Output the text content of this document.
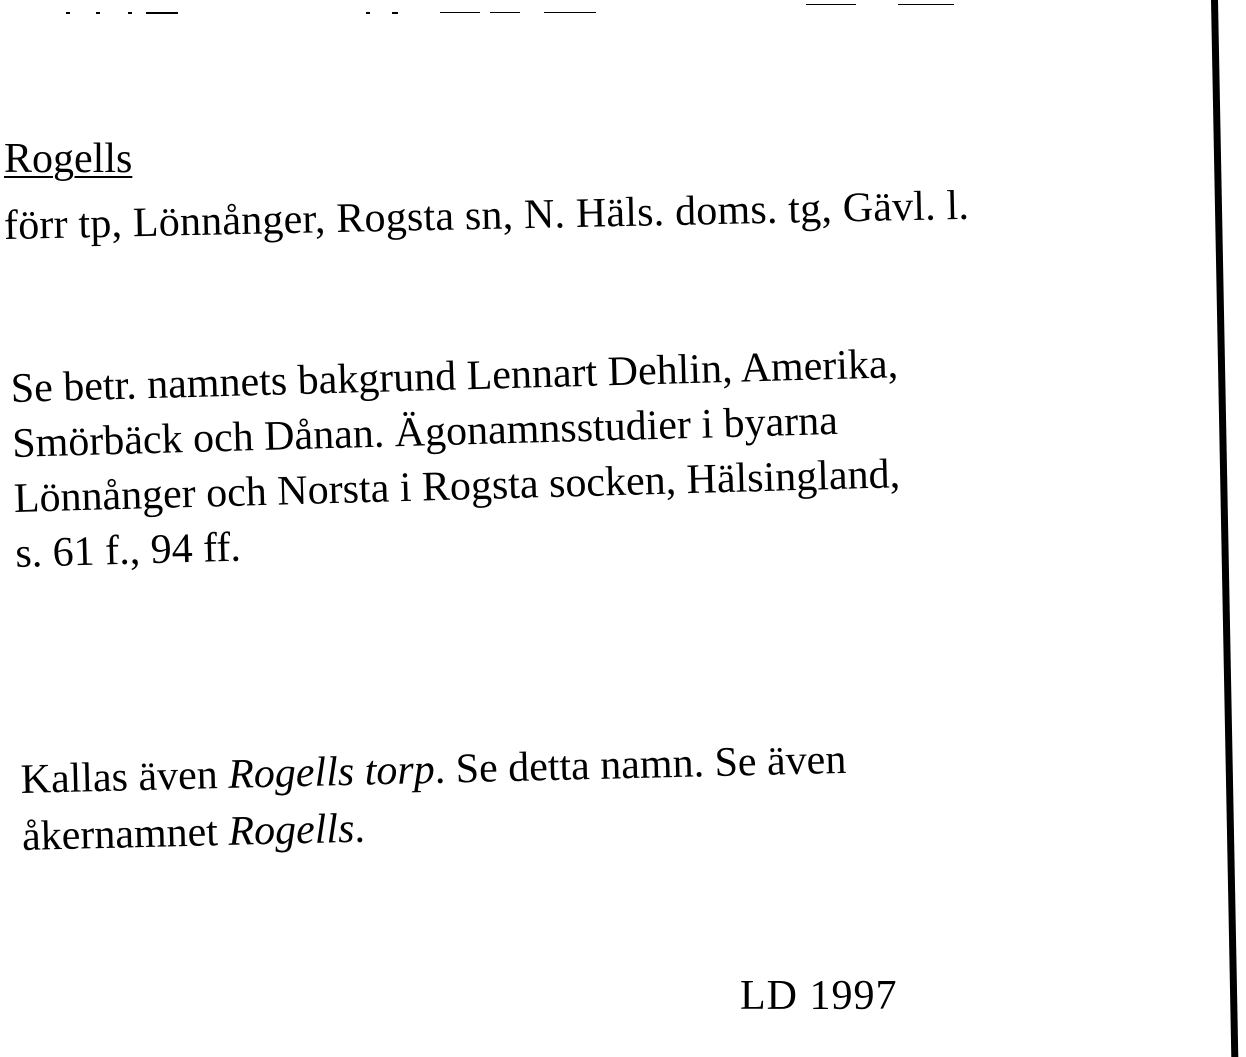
Rogells
förr tp, Lönnånger, Rogsta sn, N. Häls. doms. tg, Gävl. l.
Se betr. namnets bakgrund Lennart Dehlin, Amerika,
Smörbäck och Dånan. Ägonamnsstudier i byarna
Lönnånger och Norsta i Rogsta socken, Hälsingland,
s. 61 f., 94 ff.
Kallas även Rogells torp. Se detta namn. Se även
åkernamnet Rogells.
LD 1997
